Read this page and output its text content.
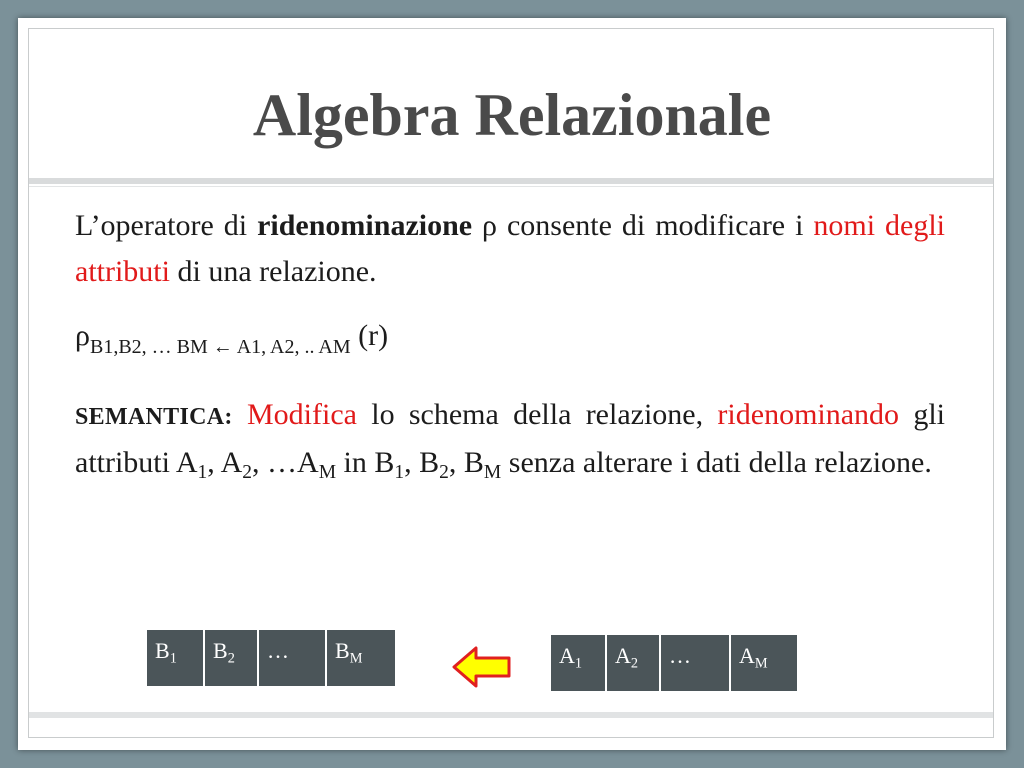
Algebra Relazionale

L’operatore di ridenominazione ρ consente di modificare i nomi degli attributi di una relazione.

$\rho_{B1,B2, \dots BM \leftarrow A1, A2, .. AM}$ (r)

SEMANTICA: Modifica lo schema della relazione, ridenominando gli attributi $A_1$, $A_2$, $\dots A_M$ in $B_1$, $B_2$, $B_M$ senza alterare i dati della relazione.

$B_1$	$B_2$	…	$B_M$	$A_1$	$A_2$	…	$A_M$
